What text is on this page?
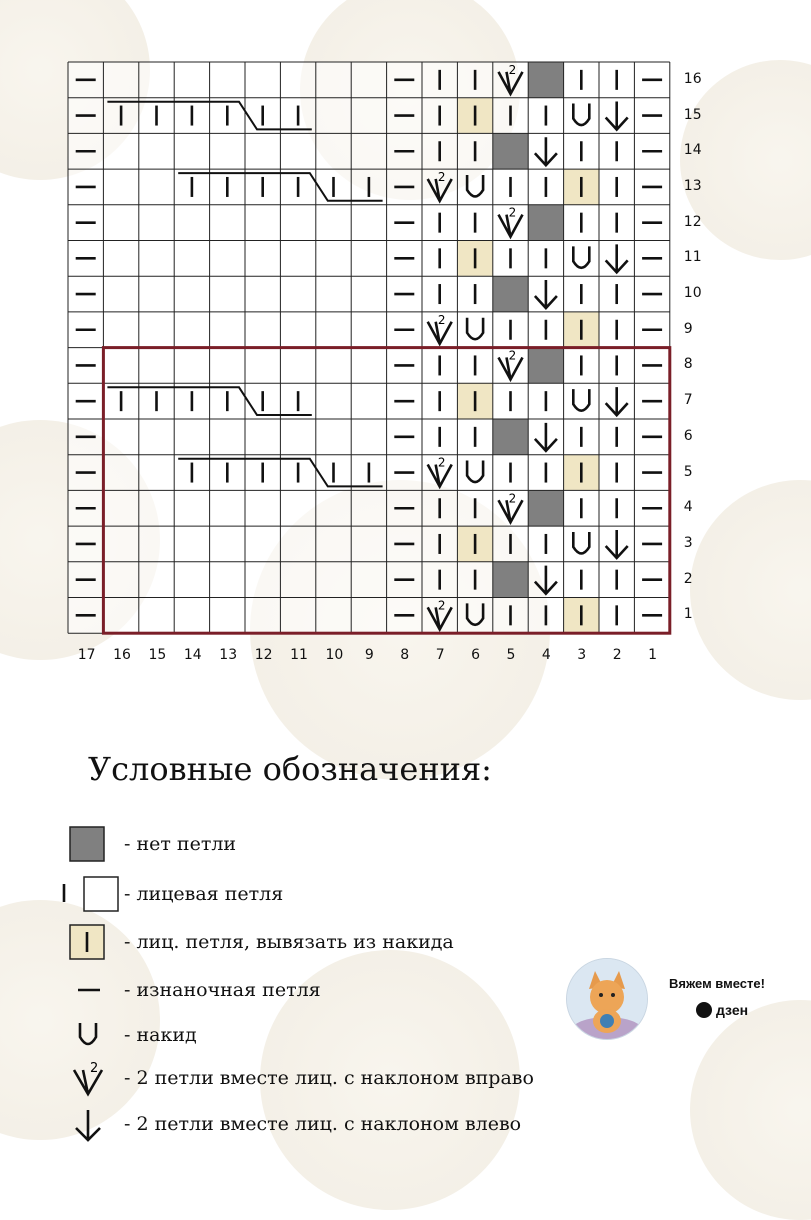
2
2
2
2
2
2
2
2
16
15
14
13
12
11
10
9
8
7
6
5
4
3
2
1
17 16 15 14 13 12 11 10 9 8 7 6 5 4 3 2 1
Условные обозначения:
- нет петли
- лицевая петля
- лиц. петля, вывязать из накида
- изнаночная петля
- накид
2 - 2 петли вместе лиц. с наклоном вправо
- 2 петли вместе лиц. с наклоном влево
Вяжем вместе!
дзен
